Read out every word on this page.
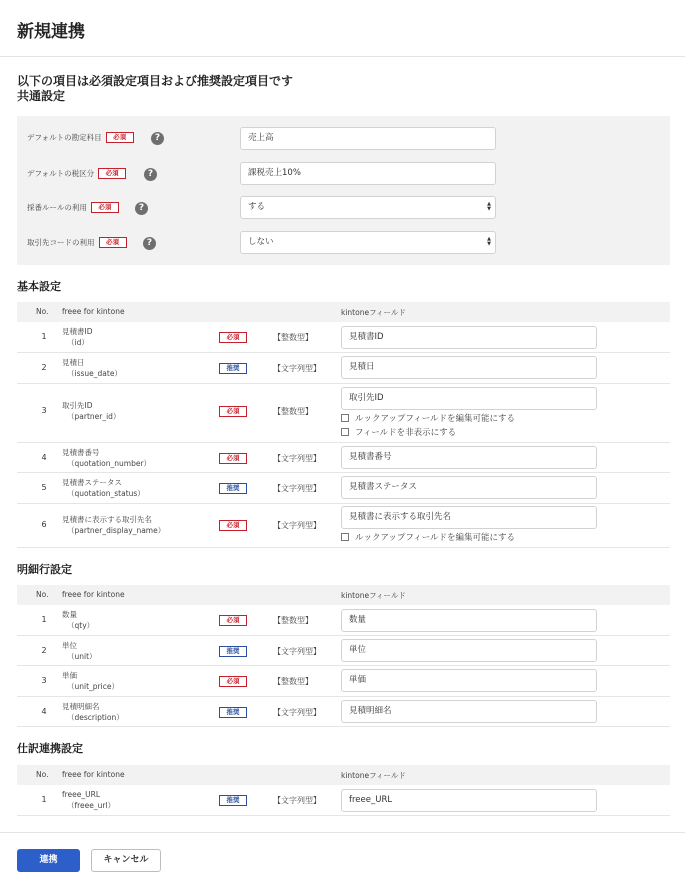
新規連携
以下の項目は必須設定項目および推奨設定項目です
共通設定
デフォルトの勘定科目	必須	?	売上高
デフォルトの税区分	必須	?	課税売上10%
採番ルールの利用	必須	?	する	▲
▼
取引先コードの利用	必須	?	しない	▲
▼
基本設定
No. freee for kintone	kintoneフィールド
1
見積書ID
（id）
必須	【整数型】	見積書ID
2
見積日
（issue_date）
推奨	【文字列型】	見積日
3
取引先ID
（partner_id）
必須	【整数型】
取引先ID
ルックアップフィールドを編集可能にする
フィールドを非表示にする
4
見積書番号
（quotation_number）
必須	【文字列型】	見積書番号
5
見積書ステータス
（quotation_status）
推奨	【文字列型】	見積書ステータス
6
見積書に表示する取引先名
（partner_display_name）
必須	【文字列型】
見積書に表示する取引先名
ルックアップフィールドを編集可能にする
明細行設定
No. freee for kintone	kintoneフィールド
1
数量
（qty）
必須	【整数型】	数量
2
単位
（unit）
推奨	【文字列型】	単位
3
単価
（unit_price）
必須	【整数型】	単価
4
見積明細名
（description）
推奨	【文字列型】	見積明細名
仕訳連携設定
No. freee for kintone	kintoneフィールド
1
freee_URL
（freee_url）
推奨	【文字列型】	freee_URL
連携	キャンセル
